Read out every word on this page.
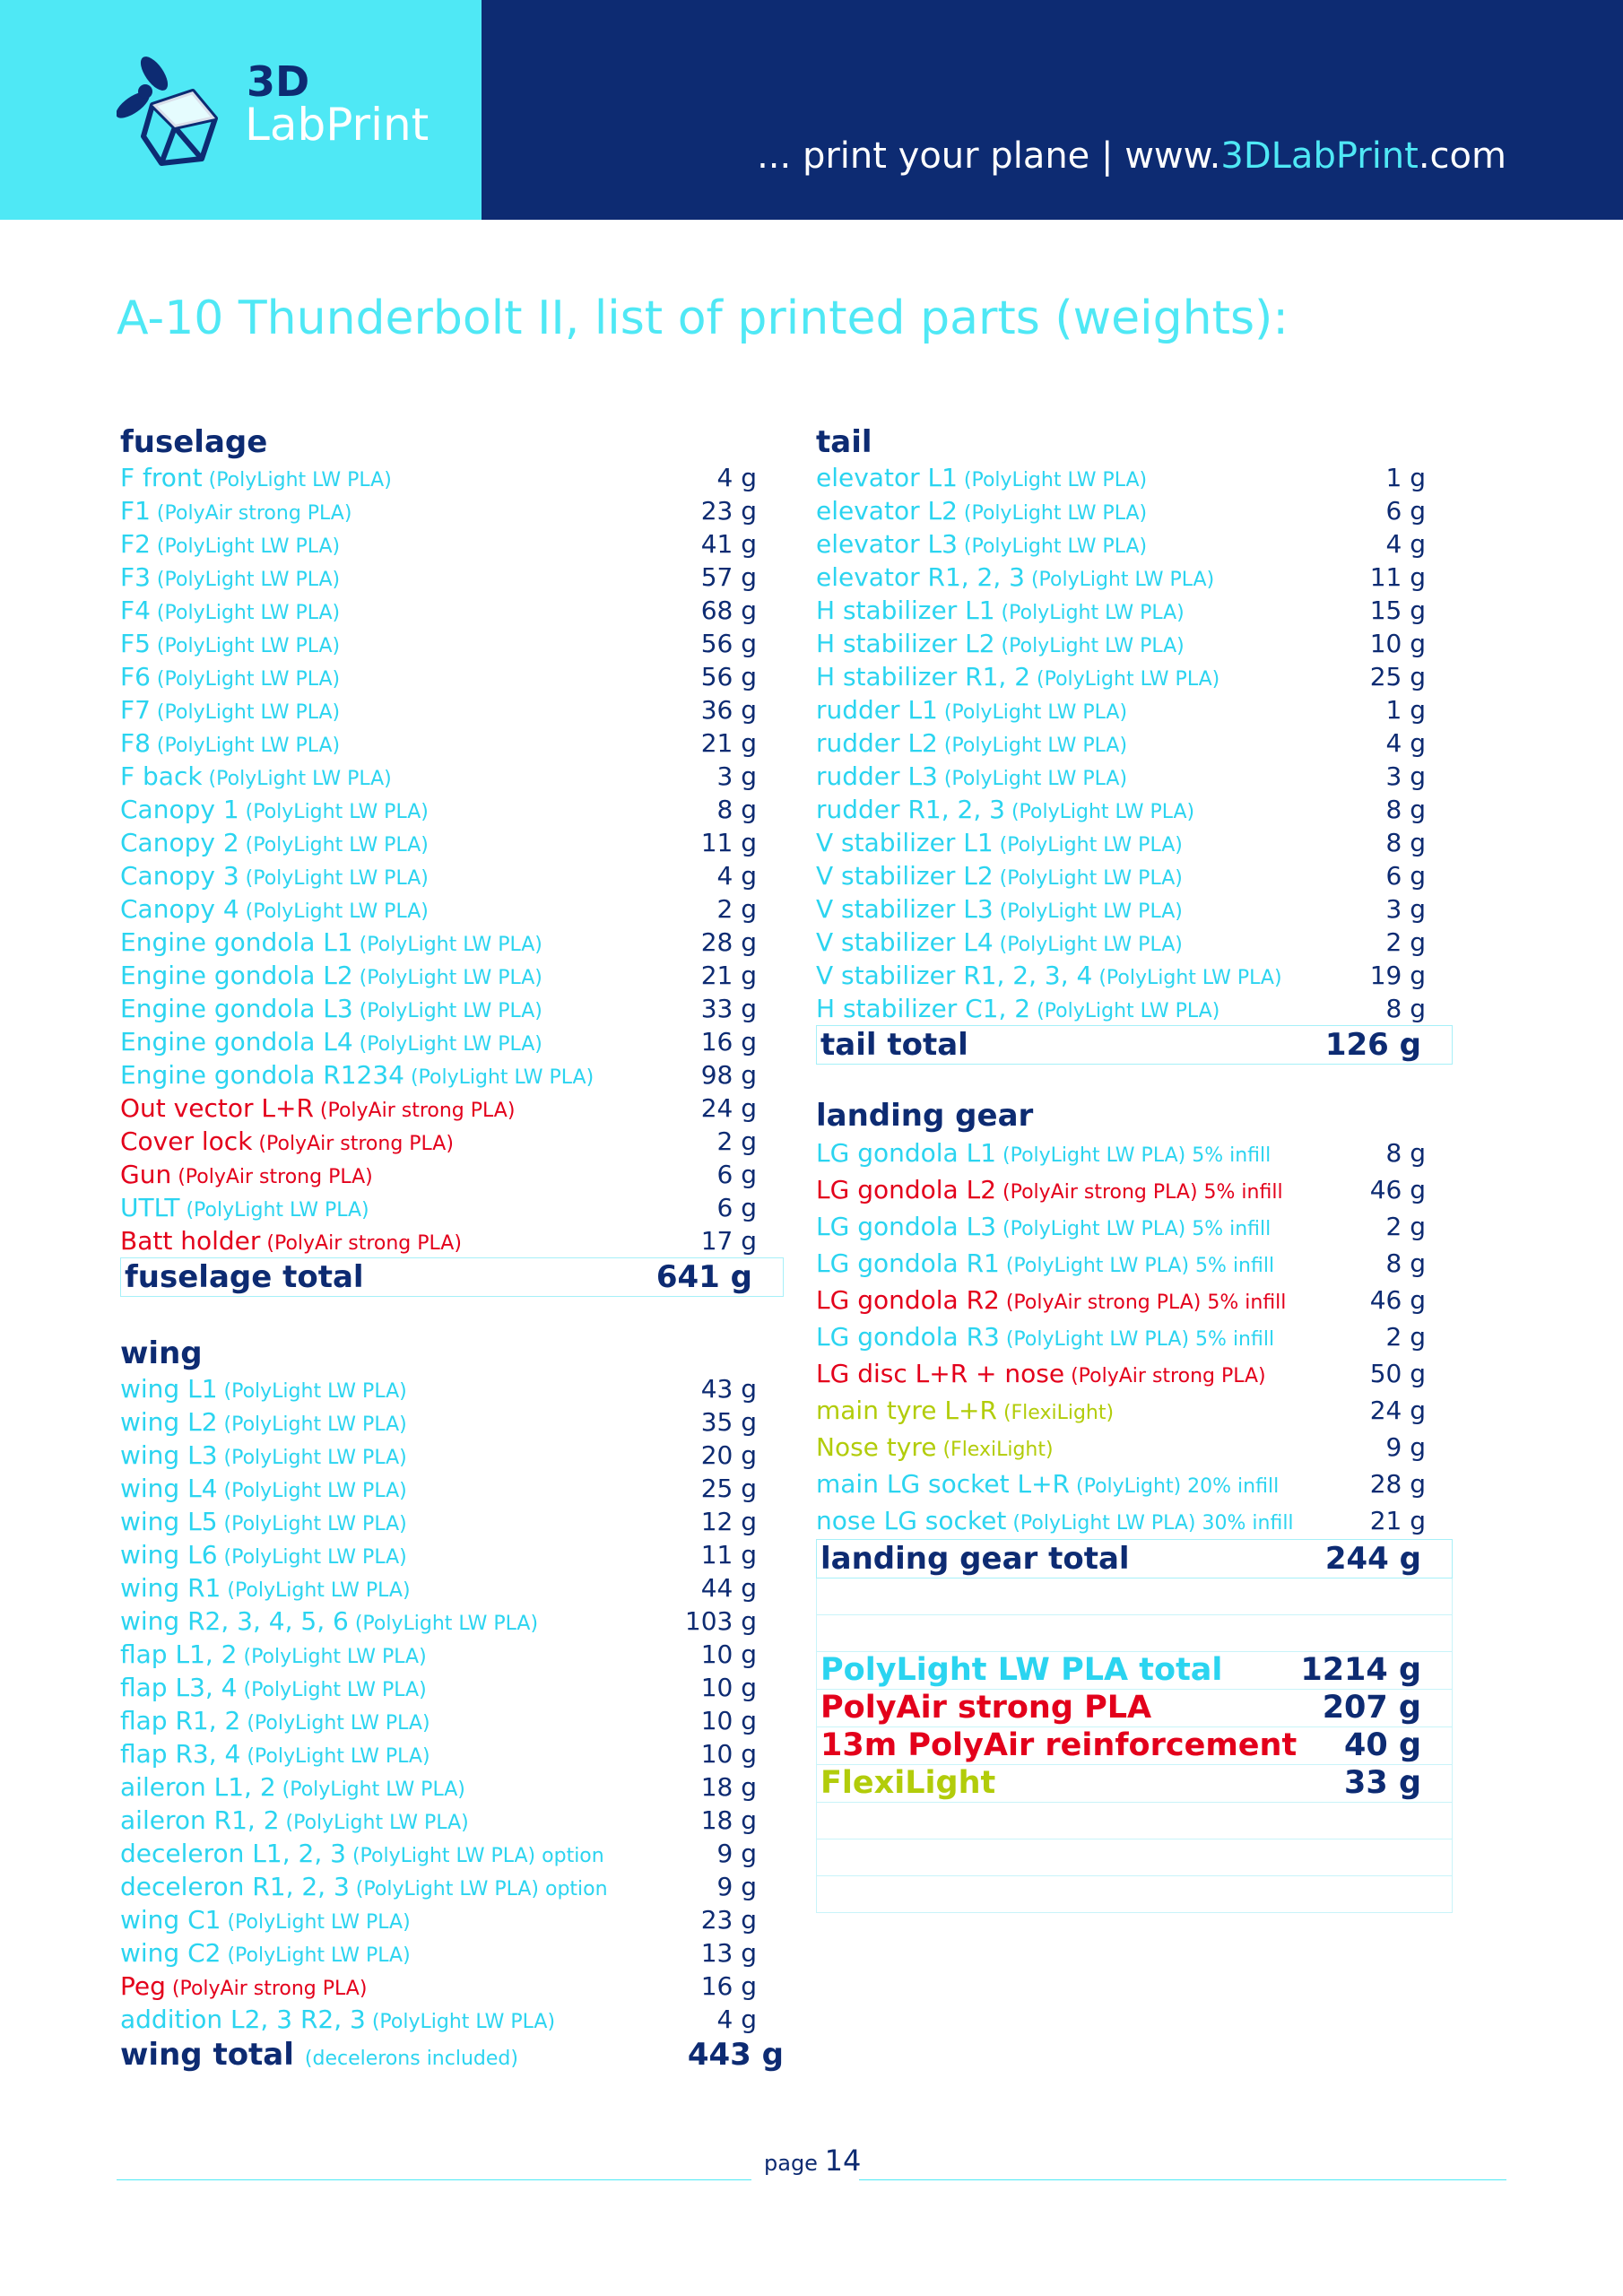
3D
LabPrint
... print your plane | www.3DLabPrint.com
A-10 Thunderbolt II, list of printed parts (weights):
fuselage
F front (PolyLight LW PLA)	4 g
F1 (PolyAir strong PLA)	23 g
F2 (PolyLight LW PLA)	41 g
F3 (PolyLight LW PLA)	57 g
F4 (PolyLight LW PLA)	68 g
F5 (PolyLight LW PLA)	56 g
F6 (PolyLight LW PLA)	56 g
F7 (PolyLight LW PLA)	36 g
F8 (PolyLight LW PLA)	21 g
F back (PolyLight LW PLA)	3 g
Canopy 1 (PolyLight LW PLA)	8 g
Canopy 2 (PolyLight LW PLA)	11 g
Canopy 3 (PolyLight LW PLA)	4 g
Canopy 4 (PolyLight LW PLA)	2 g
Engine gondola L1 (PolyLight LW PLA)	28 g
Engine gondola L2 (PolyLight LW PLA)	21 g
Engine gondola L3 (PolyLight LW PLA)	33 g
Engine gondola L4 (PolyLight LW PLA)	16 g
Engine gondola R1234 (PolyLight LW PLA)	98 g
Out vector L+R (PolyAir strong PLA)	24 g
Cover lock (PolyAir strong PLA)	2 g
Gun (PolyAir strong PLA)	6 g
UTLT (PolyLight LW PLA)	6 g
Batt holder (PolyAir strong PLA)	17 g
fuselage total	641 g
wing
wing L1 (PolyLight LW PLA)	43 g
wing L2 (PolyLight LW PLA)	35 g
wing L3 (PolyLight LW PLA)	20 g
wing L4 (PolyLight LW PLA)	25 g
wing L5 (PolyLight LW PLA)	12 g
wing L6 (PolyLight LW PLA)	11 g
wing R1 (PolyLight LW PLA)	44 g
wing R2, 3, 4, 5, 6 (PolyLight LW PLA)	103 g
flap L1, 2 (PolyLight LW PLA)	10 g
flap L3, 4 (PolyLight LW PLA)	10 g
flap R1, 2 (PolyLight LW PLA)	10 g
flap R3, 4 (PolyLight LW PLA)	10 g
aileron L1, 2 (PolyLight LW PLA)	18 g
aileron R1, 2 (PolyLight LW PLA)	18 g
deceleron L1, 2, 3 (PolyLight LW PLA) option	9 g
deceleron R1, 2, 3 (PolyLight LW PLA) option	9 g
wing C1 (PolyLight LW PLA)	23 g
wing C2 (PolyLight LW PLA)	13 g
Peg (PolyAir strong PLA)	16 g
addition L2, 3 R2, 3 (PolyLight LW PLA)	4 g
wing total (decelerons included)	443 g
tail
elevator L1 (PolyLight LW PLA)	1 g
elevator L2 (PolyLight LW PLA)	6 g
elevator L3 (PolyLight LW PLA)	4 g
elevator R1, 2, 3 (PolyLight LW PLA)	11 g
H stabilizer L1 (PolyLight LW PLA)	15 g
H stabilizer L2 (PolyLight LW PLA)	10 g
H stabilizer R1, 2 (PolyLight LW PLA)	25 g
rudder L1 (PolyLight LW PLA)	1 g
rudder L2 (PolyLight LW PLA)	4 g
rudder L3 (PolyLight LW PLA)	3 g
rudder R1, 2, 3 (PolyLight LW PLA)	8 g
V stabilizer L1 (PolyLight LW PLA)	8 g
V stabilizer L2 (PolyLight LW PLA)	6 g
V stabilizer L3 (PolyLight LW PLA)	3 g
V stabilizer L4 (PolyLight LW PLA)	2 g
V stabilizer R1, 2, 3, 4 (PolyLight LW PLA)	19 g
H stabilizer C1, 2 (PolyLight LW PLA)	8 g
tail total	126 g
landing gear
LG gondola L1 (PolyLight LW PLA) 5% infill	8 g
LG gondola L2 (PolyAir strong PLA) 5% infill	46 g
LG gondola L3 (PolyLight LW PLA) 5% infill	2 g
LG gondola R1 (PolyLight LW PLA) 5% infill	8 g
LG gondola R2 (PolyAir strong PLA) 5% infill	46 g
LG gondola R3 (PolyLight LW PLA) 5% infill	2 g
LG disc L+R + nose (PolyAir strong PLA)	50 g
main tyre L+R (FlexiLight)	24 g
Nose tyre (FlexiLight)	9 g
main LG socket L+R (PolyLight) 20% infill	28 g
nose LG socket (PolyLight LW PLA) 30% infill	21 g
landing gear total	244 g
PolyLight LW PLA total 1214 g
PolyAir strong PLA	207 g
13m PolyAir reinforcement 40 g
FlexiLight	33 g
page 14
